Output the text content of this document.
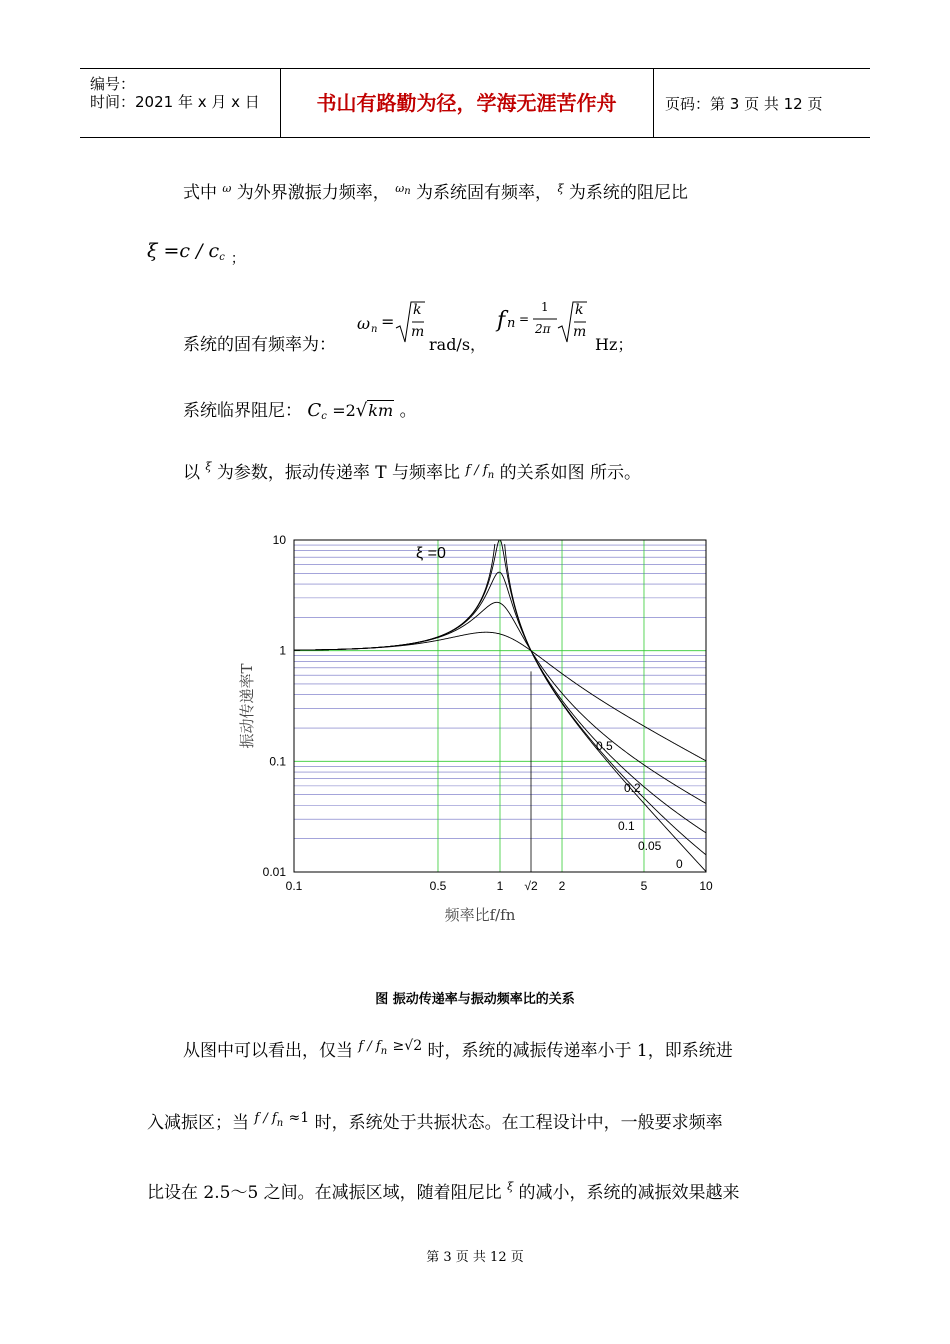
编号：
时间：2021 年 x 月 x 日	书山有路勤为径，学海无涯苦作舟	页码：第 3 页 共 12 页
式中 $^\omega$ 为外界激振力频率， $^{\omega n}$ 为系统固有频率， $^\xi$ 为系统的阻尼比
$\xi =c / c_c$ $_;$
系统的固有频率为：
ω n =
k
m
rad/s，
f n =
1
2π
k
m
Hz；
系统临界阻尼： $C_c =2√km$ 。
以 $^\xi$ 为参数，振动传递率 T 与频率比 $^{f / f}$n 的关系如图 所示。
0.1	0.5	1 √2 2	5	10
0.01
0.1
1
10
频率比f/fn
振动传递率T
ξ =0
0.5
0.2
0.1
0.05
0
图 振动传递率与振动频率比的关系
从图中可以看出，仅当 $^{f / fn}$ $^{\ge√2}$ 时，系统的减振传递率小于 1，即系统进
入减振区；当 $^{f / fn}$ $^{\approx 1}$ 时，系统处于共振状态。在工程设计中，一般要求频率
比设在 2.5～5 之间。在减振区域，随着阻尼比 $^\xi$ 的减小，系统的减振效果越来
第 3 页 共 12 页
